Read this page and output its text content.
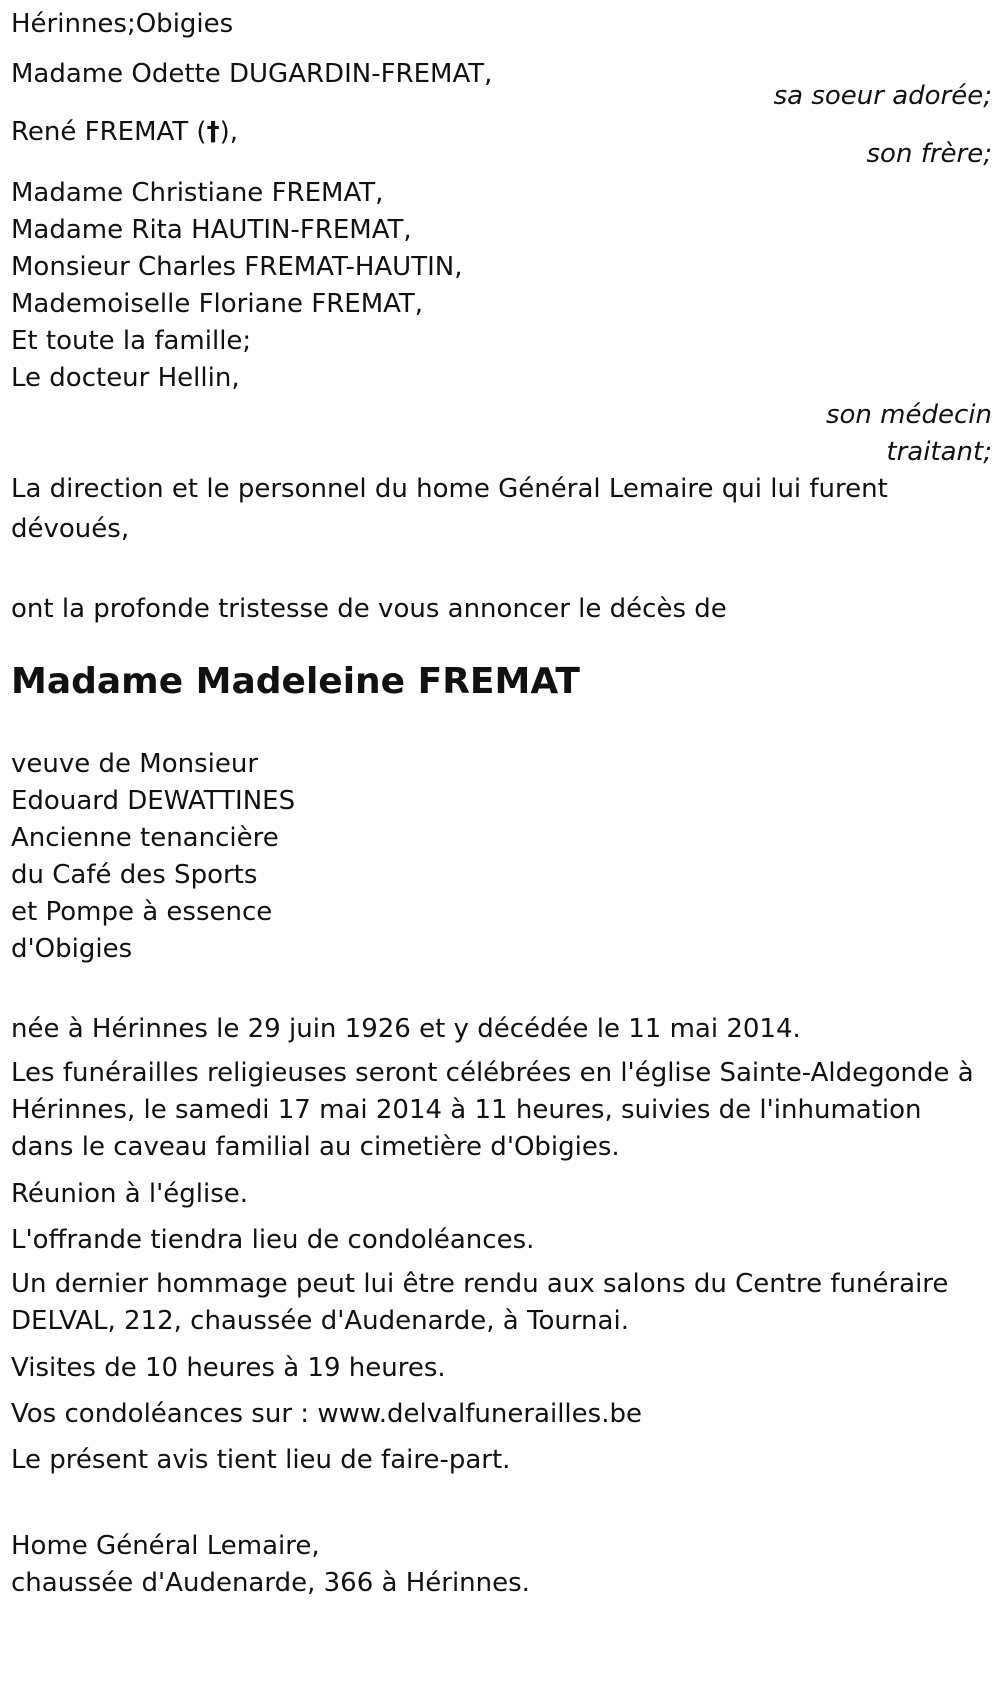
Hérinnes;Obigies
Madame Odette DUGARDIN-FREMAT,
sa soeur adorée;
René FREMAT (†),
son frère;
Madame Christiane FREMAT,
Madame Rita HAUTIN-FREMAT,
Monsieur Charles FREMAT-HAUTIN,
Mademoiselle Floriane FREMAT,
Et toute la famille;
Le docteur Hellin,
son médecin
traitant;

La direction et le personnel du home Général Lemaire qui lui furent dévoués,

ont la profonde tristesse de vous annoncer le décès de
Madame Madeleine FREMAT
veuve de Monsieur
Edouard DEWATTINES
Ancienne tenancière
du Café des Sports
et Pompe à essence
d'Obigies
née à Hérinnes le 29 juin 1926 et y décédée le 11 mai 2014.

Les funérailles religieuses seront célébrées en l'église Sainte-Aldegonde à Hérinnes, le samedi 17 mai 2014 à 11 heures, suivies de l'inhumation dans le caveau familial au cimetière d'Obigies.

Réunion à l'église.

L'offrande tiendra lieu de condoléances.

Un dernier hommage peut lui être rendu aux salons du Centre funéraire DELVAL, 212, chaussée d'Audenarde, à Tournai.

Visites de 10 heures à 19 heures.

Vos condoléances sur : www.delvalfunerailles.be

Le présent avis tient lieu de faire-part.

Home Général Lemaire,
chaussée d'Audenarde, 366 à Hérinnes.
